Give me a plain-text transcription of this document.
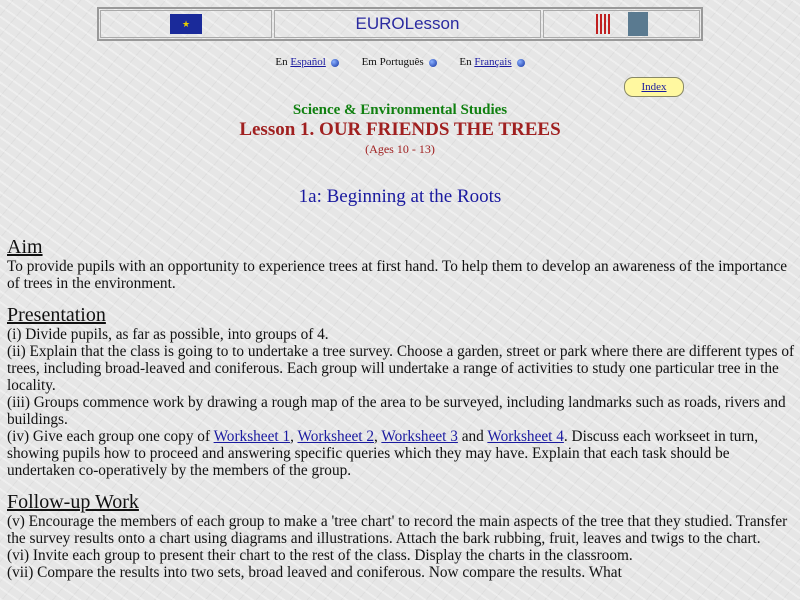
★	EUROLesson
En Español	Em Português	En Français
Index
Science & Environmental Studies
Lesson 1. OUR FRIENDS THE TREES
(Ages 10 - 13)
1a: Beginning at the Roots
Aim

To provide pupils with an opportunity to experience trees at first hand. To help them to develop an awareness of the importance of trees in the environment.

Presentation

(i) Divide pupils, as far as possible, into groups of 4.
(ii) Explain that the class is going to to undertake a tree survey. Choose a garden, street or park where there are different types of trees, including broad-leaved and coniferous. Each group will undertake a range of activities to study one particular tree in the locality.
(iii) Groups commence work by drawing a rough map of the area to be surveyed, including landmarks such as roads, rivers and buildings.
(iv) Give each group one copy of Worksheet 1, Worksheet 2, Worksheet 3 and Worksheet 4. Discuss each workseet in turn, showing pupils how to proceed and answering specific queries which they may have. Explain that each task should be undertaken co-operatively by the members of the group.

Follow-up Work

(v) Encourage the members of each group to make a 'tree chart' to record the main aspects of the tree that they studied. Transfer the survey results onto a chart using diagrams and illustrations. Attach the bark rubbing, fruit, leaves and twigs to the chart.
(vi) Invite each group to present their chart to the rest of the class. Display the charts in the classroom.
(vii) Compare the results into two sets, broad leaved and coniferous. Now compare the results. What
